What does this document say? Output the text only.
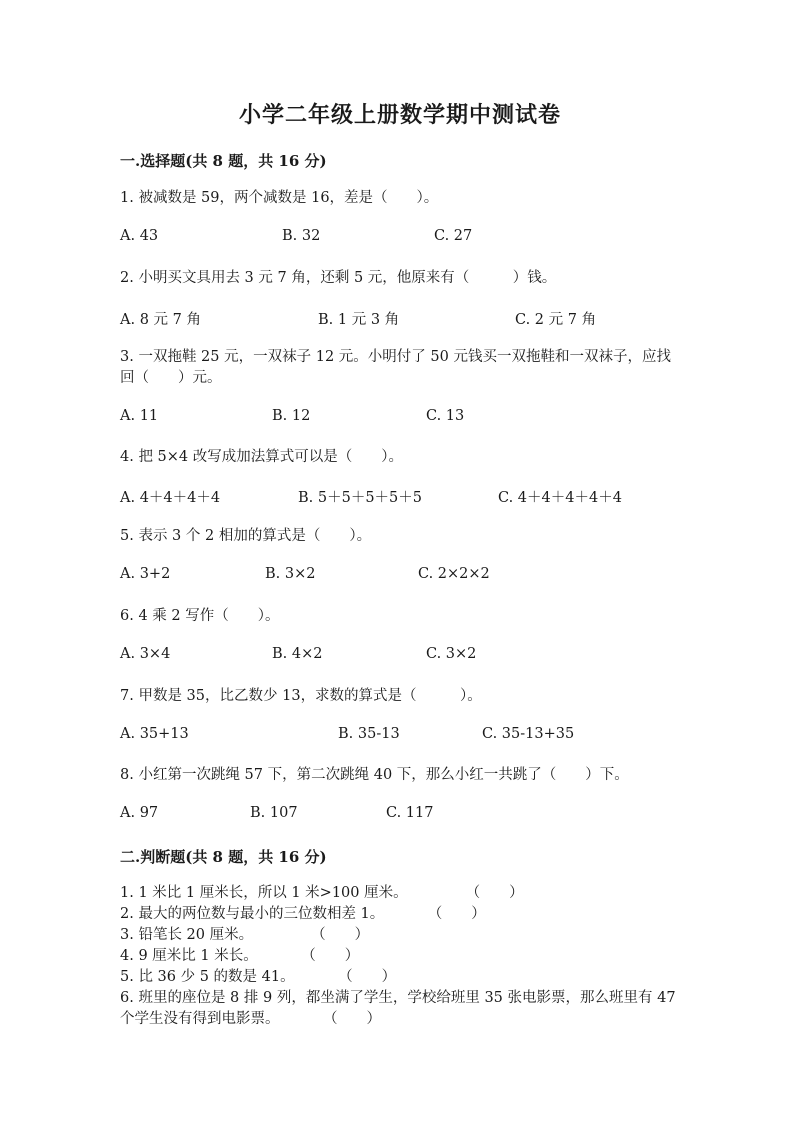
小学二年级上册数学期中测试卷
一.选择题(共 8 题，共 16 分)
1. 被减数是 59，两个减数是 16，差是（　　）。
A. 43	B. 32	C. 27
2. 小明买文具用去 3 元 7 角，还剩 5 元，他原来有（　　　）钱。
A. 8 元 7 角	B. 1 元 3 角	C. 2 元 7 角
3. 一双拖鞋 25 元，一双袜子 12 元。小明付了 50 元钱买一双拖鞋和一双袜子，应找回（　　）元。
A. 11	B. 12	C. 13
4. 把 5×4 改写成加法算式可以是（　　）。
A. 4＋4＋4＋4	B. 5＋5＋5＋5＋5	C. 4＋4＋4＋4＋4
5. 表示 3 个 2 相加的算式是（　　）。
A. 3+2	B. 3×2	C. 2×2×2
6. 4 乘 2 写作（　　）。
A. 3×4	B. 4×2	C. 3×2
7. 甲数是 35，比乙数少 13，求数的算式是（　　　）。
A. 35+13	B. 35-13	C. 35-13+35
8. 小红第一次跳绳 57 下，第二次跳绳 40 下，那么小红一共跳了（　　）下。
A. 97	B. 107	C. 117
二.判断题(共 8 题，共 16 分)
1. 1 米比 1 厘米长，所以 1 米>100 厘米。　　　　　（　　）
2. 最大的两位数与最小的三位数相差 1。　　　　（　　）
3. 铅笔长 20 厘米。　　　　　（　　）
4. 9 厘米比 1 米长。　　　　（　　）
5. 比 36 少 5 的数是 41。　　　　（　　）
6. 班里的座位是 8 排 9 列，都坐满了学生，学校给班里 35 张电影票，那么班里有 47 个学生没有得到电影票。　　　　（　　）
